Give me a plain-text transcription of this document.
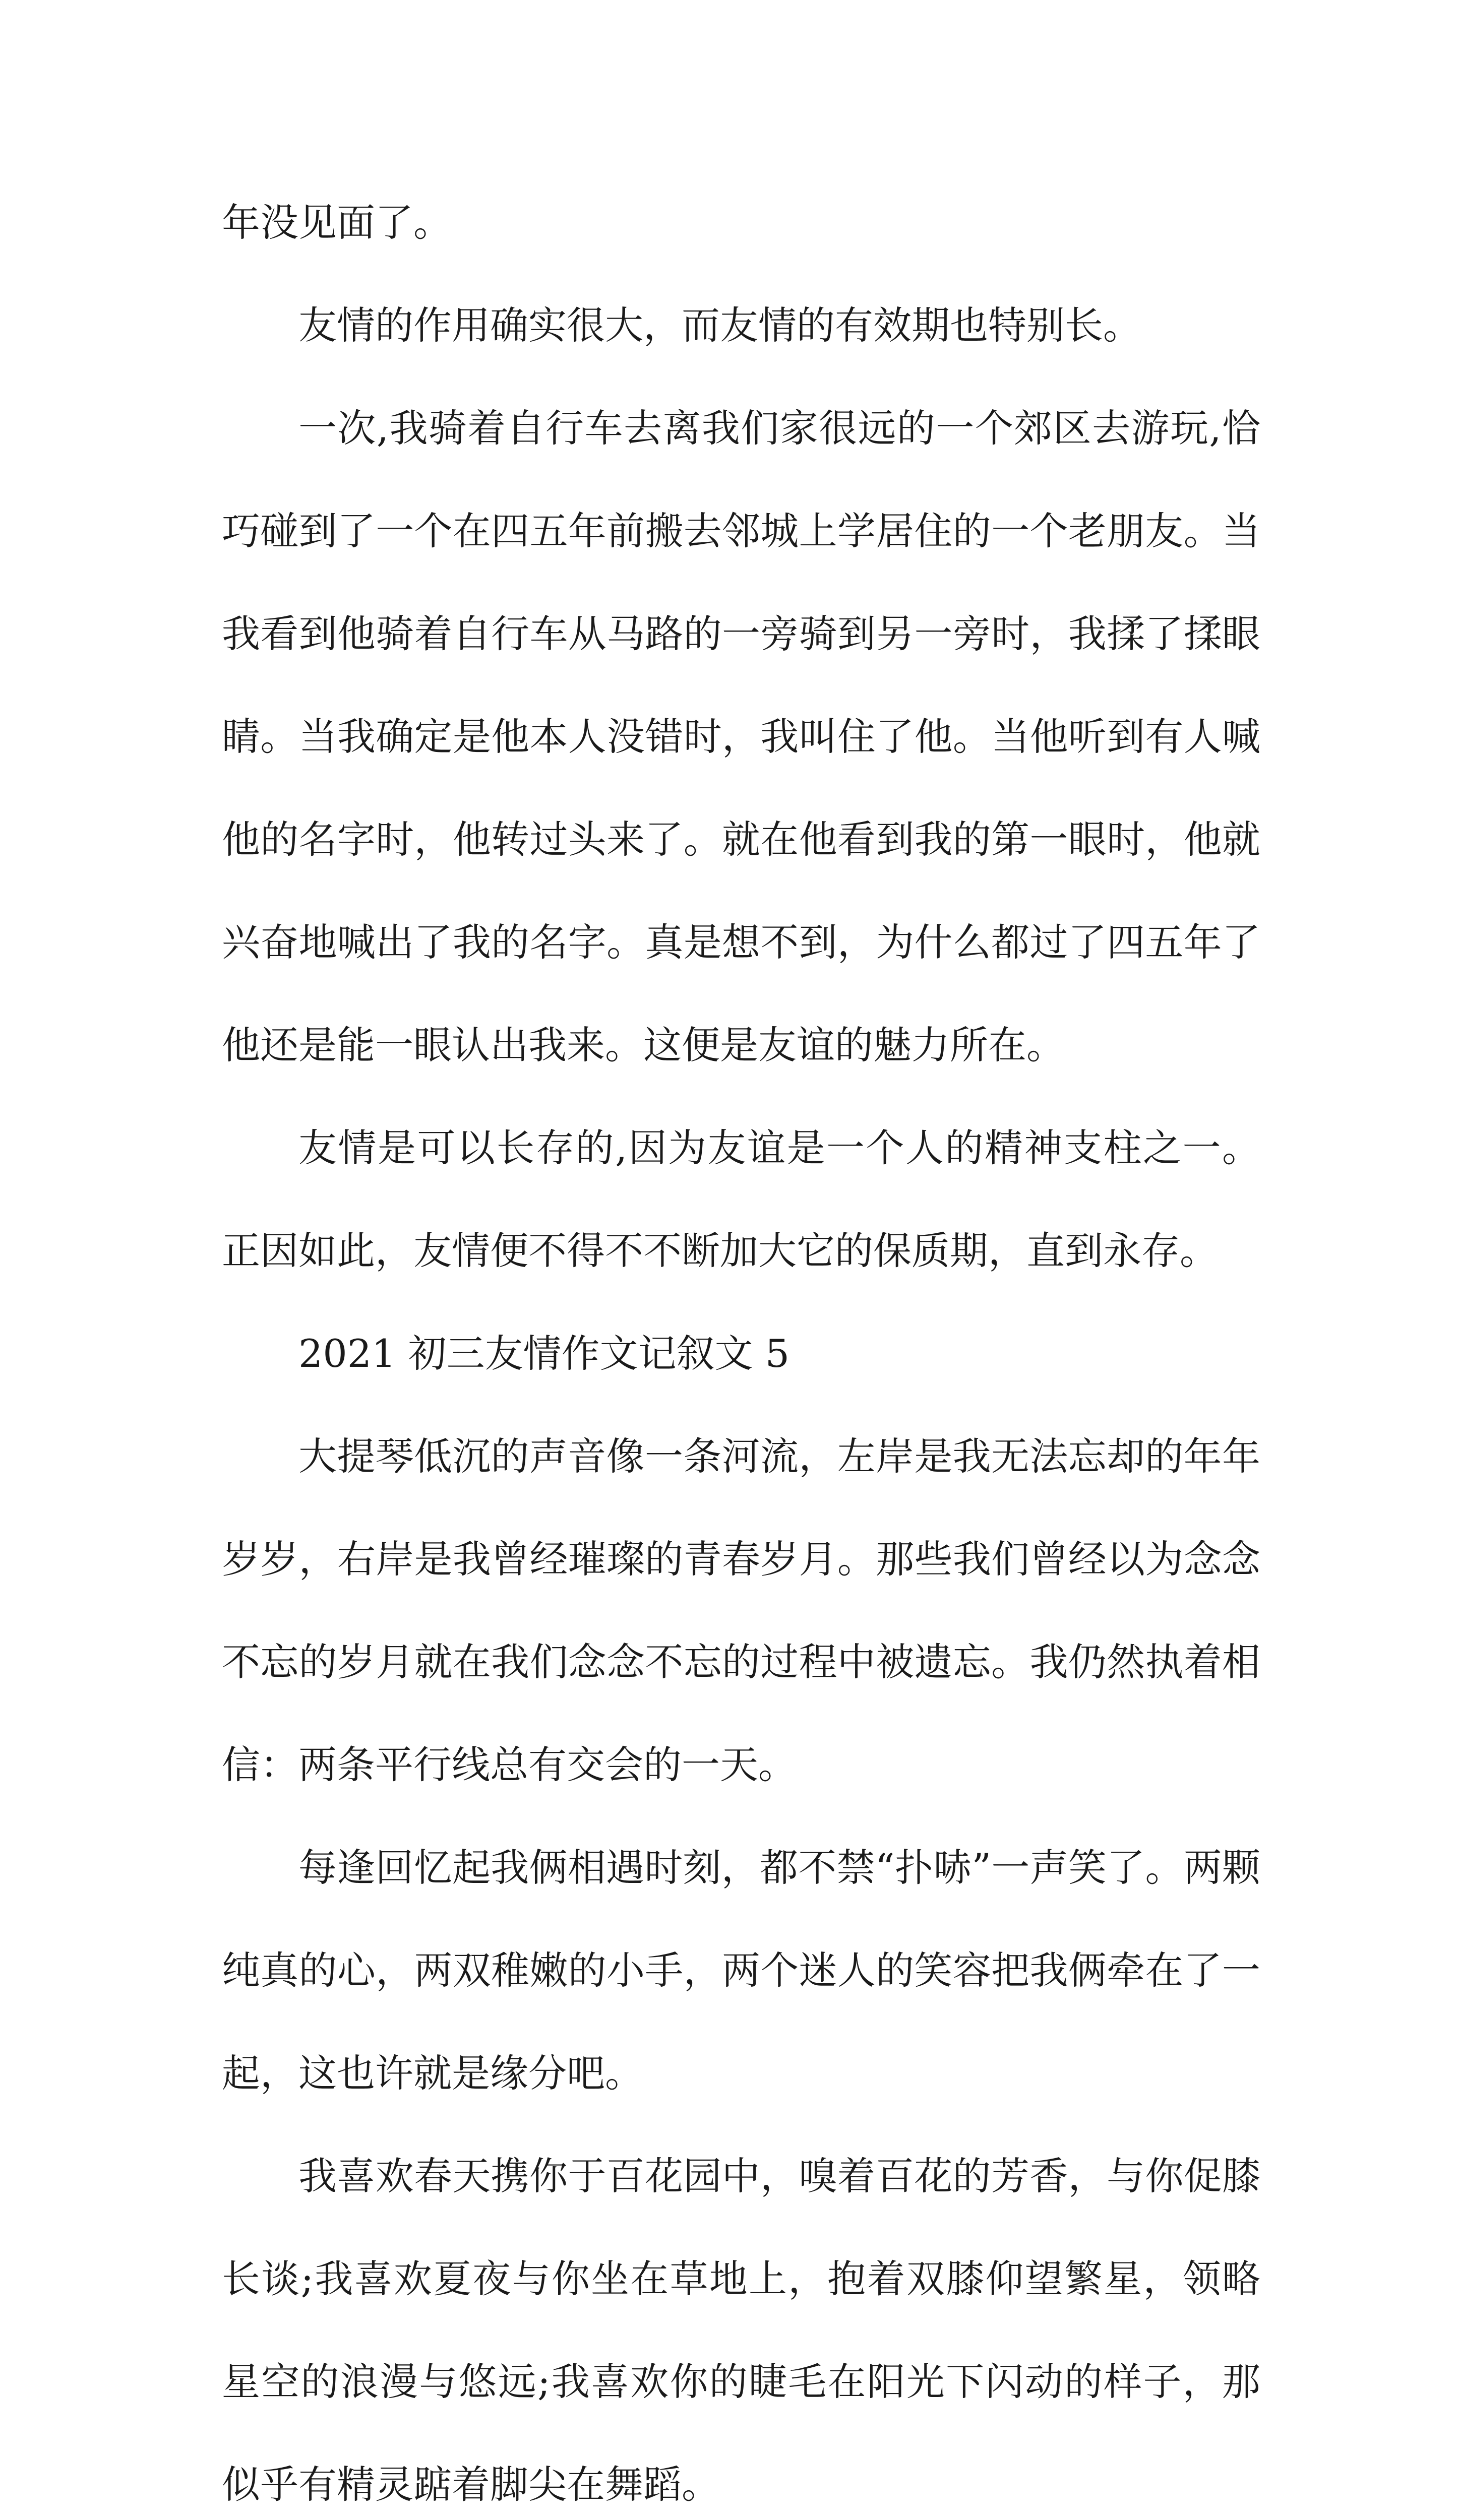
年没见面了。

友情的作用确实很大，而友情的有效期也特别长。

一次,我骑着自行车去离我们家很远的一个郊区去游玩,恰巧碰到了一个在四五年前搬去邻城上学居住的一个老朋友。当我看到他骑着自行车从马路的一旁骑到另一旁时，我揉了揉眼睛。当我确定是他本人没错时，我叫住了他。当他听到有人喊他的名字时，他转过头来了。就在他看到我的第一眼时，他就兴奋地喊出了我的名字。真是想不到，为什么都过了四五年了他还是能一眼认出我来。这便是友谊的魅力所在。

友情是可以长存的,因为友谊是一个人的精神支柱之一。正因如此，友情便不得不不断加大它的保质期，直到永存。

2021 初三友情作文记叙文 5

大提琴低沉的声音像一条河流，左岸是我无法忘却的年年岁岁，右岸是我曾经璀璨的青春岁月。那些我们曾经以为念念不忘的岁月就在我们念念不忘的过程中被遗忘。我仍然执着相信：两条平行线总有交会的一天。

每逢回忆起我俩相遇时刻，都不禁“扑哧”一声笑了。两颗纯真的心，两双稚嫩的小手，两个迷人的笑容把我俩牵在了一起，这也许就是缘分吧。

我喜欢春天携你于百花园中，嗅着百花的芳香，与你促膝长谈;我喜欢夏夜与你坐在草地上，抱着双膝仰望繁星，领略星空的浪漫与悠远;我喜欢你的睫毛在阳光下闪动的样子，那似乎有精灵踮着脚尖在舞蹈。
